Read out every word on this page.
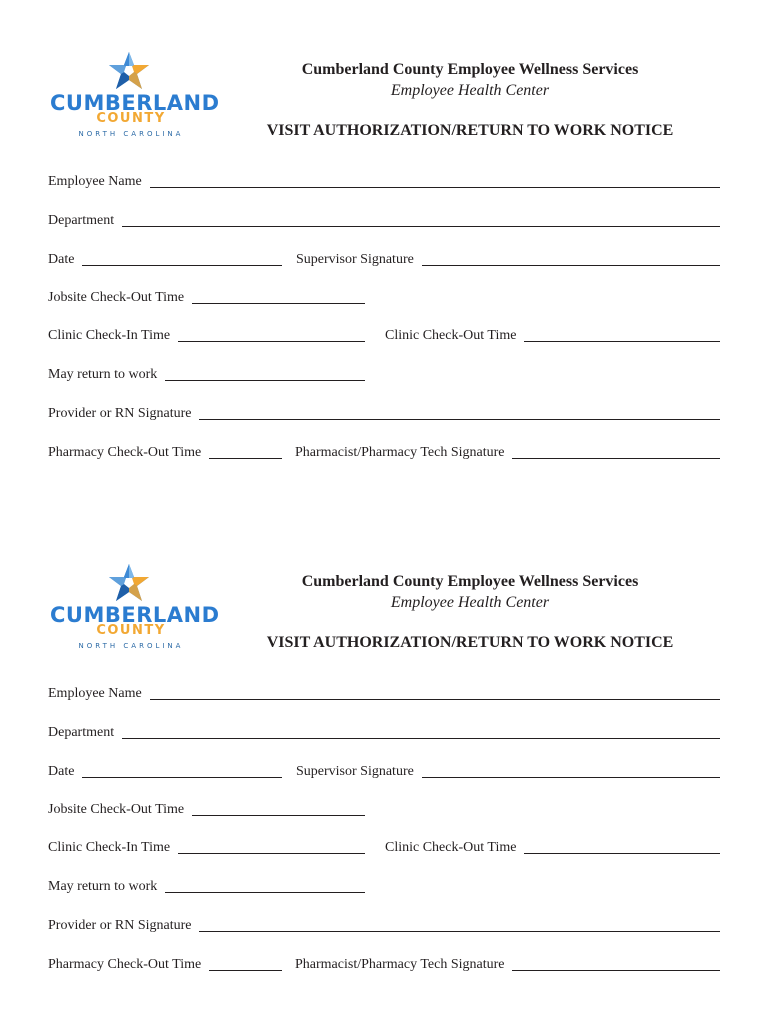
CUMBERLAND
COUNTY
NORTH CAROLINA
Cumberland County Employee Wellness Services
Employee Health Center
VISIT AUTHORIZATION/RETURN TO WORK NOTICE
Employee Name
Department
Date	Supervisor Signature
Jobsite Check-Out Time
Clinic Check-In Time	Clinic Check-Out Time
May return to work
Provider or RN Signature
Pharmacy Check-Out Time	Pharmacist/Pharmacy Tech Signature
CUMBERLAND
COUNTY
NORTH CAROLINA
Cumberland County Employee Wellness Services
Employee Health Center
VISIT AUTHORIZATION/RETURN TO WORK NOTICE
Employee Name
Department
Date	Supervisor Signature
Jobsite Check-Out Time
Clinic Check-In Time	Clinic Check-Out Time
May return to work
Provider or RN Signature
Pharmacy Check-Out Time	Pharmacist/Pharmacy Tech Signature
